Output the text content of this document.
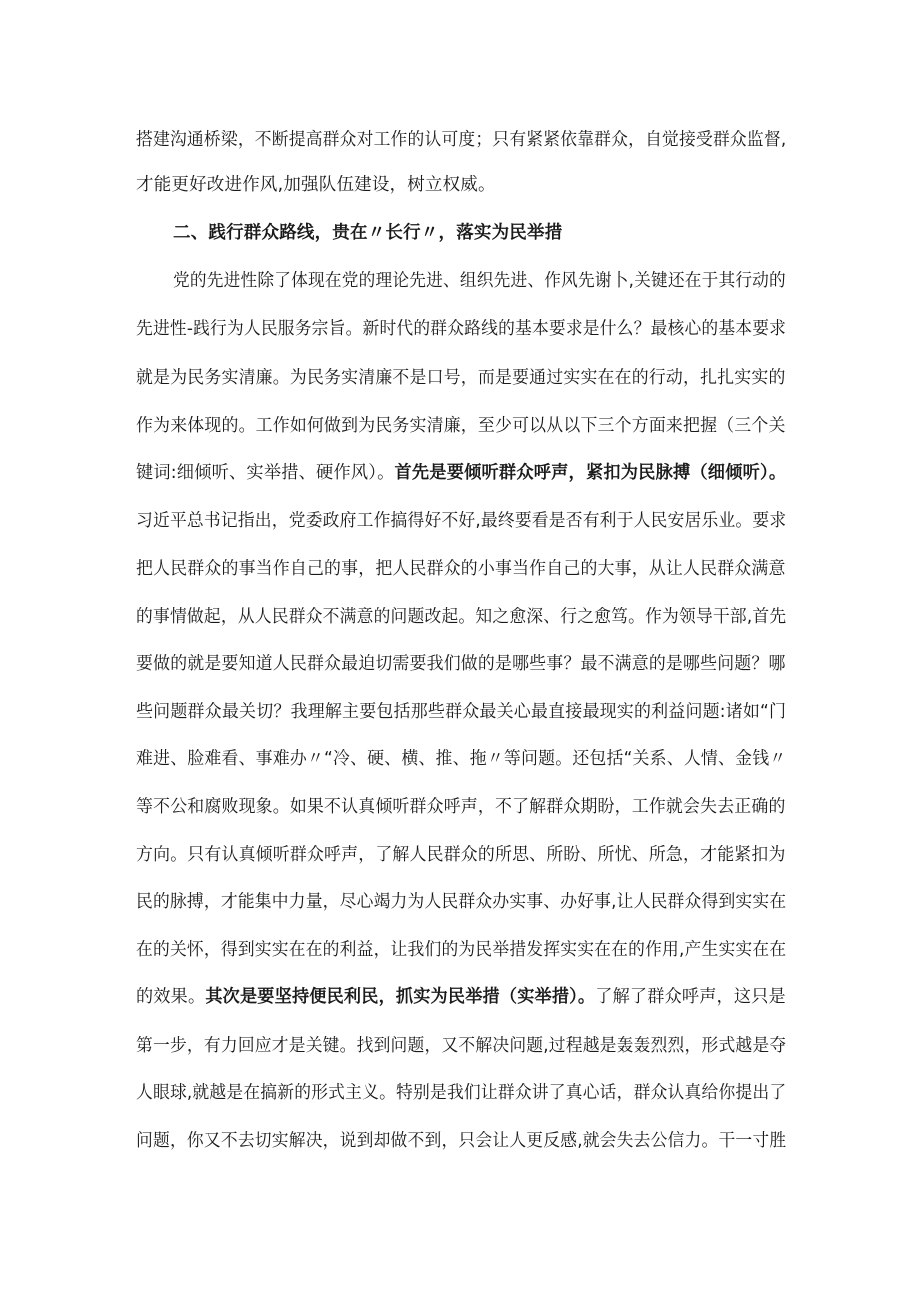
搭建沟通桥梁，不断提高群众对工作的认可度；只有紧紧依靠群众，自觉接受群众监督,
才能更好改进作风,加强队伍建设，树立权威。
二、践行群众路线，贵在〃长行〃，落实为民举措
党的先进性除了体现在党的理论先进、组织先进、作风先谢卜,关键还在于其行动的
先进性-践行为人民服务宗旨。新时代的群众路线的基本要求是什么？最核心的基本要求
就是为民务实清廉。为民务实清廉不是口号，而是要通过实实在在的行动，扎扎实实的
作为来体现的。工作如何做到为民务实清廉，至少可以从以下三个方面来把握（三个关
键词:细倾听、实举措、硬作风）。首先是要倾听群众呼声，紧扣为民脉搏（细倾听）。
习近平总书记指出，党委政府工作搞得好不好,最终要看是否有利于人民安居乐业。要求
把人民群众的事当作自己的事，把人民群众的小事当作自己的大事，从让人民群众满意
的事情做起，从人民群众不满意的问题改起。知之愈深、行之愈笃。作为领导干部,首先
要做的就是要知道人民群众最迫切需要我们做的是哪些事？最不满意的是哪些问题？哪
些问题群众最关切？我理解主要包括那些群众最关心最直接最现实的利益问题:诸如“门
难进、脸难看、事难办〃“冷、硬、横、推、拖〃等问题。还包括“关系、人情、金钱〃
等不公和腐败现象。如果不认真倾听群众呼声，不了解群众期盼，工作就会失去正确的
方向。只有认真倾听群众呼声，了解人民群众的所思、所盼、所忧、所急，才能紧扣为
民的脉搏，才能集中力量，尽心竭力为人民群众办实事、办好事,让人民群众得到实实在
在的关怀，得到实实在在的利益，让我们的为民举措发挥实实在在的作用,产生实实在在
的效果。其次是要坚持便民利民，抓实为民举措（实举措）。了解了群众呼声，这只是
第一步，有力回应才是关键。找到问题，又不解决问题,过程越是轰轰烈烈，形式越是夺
人眼球,就越是在搞新的形式主义。特别是我们让群众讲了真心话，群众认真给你提出了
问题，你又不去切实解决，说到却做不到，只会让人更反感,就会失去公信力。干一寸胜
